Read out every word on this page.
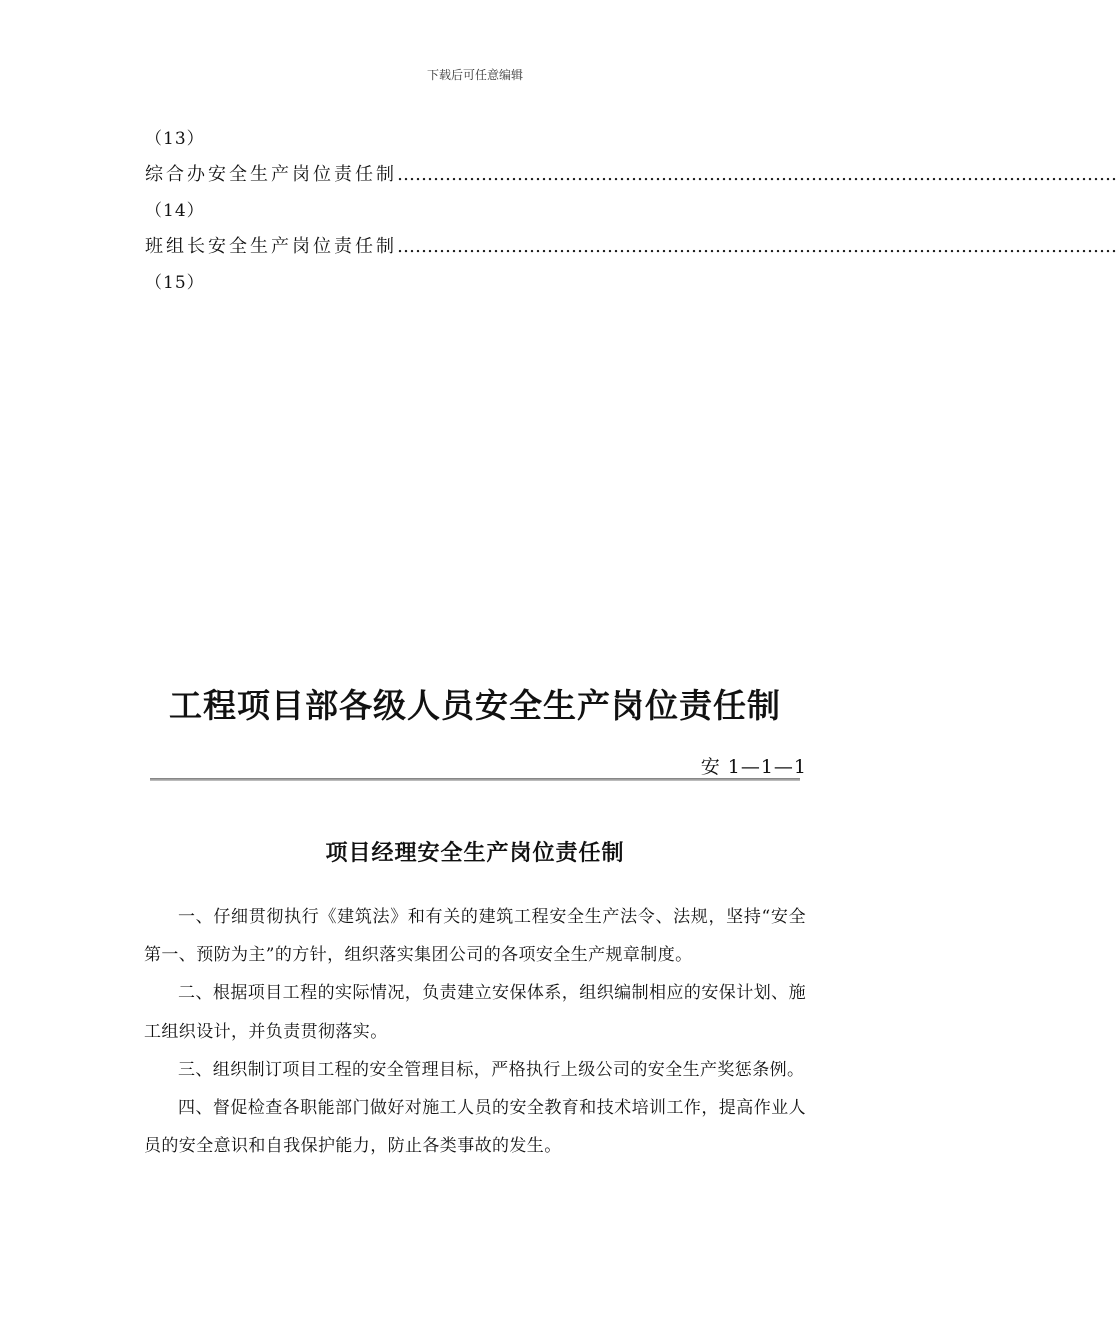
下载后可任意编辑
（13）
综合办安全生产岗位责任制 …………………………………………………………………………………………………………
（14）
班组长安全生产岗位责任制 …………………………………………………………………………………………………………
（15）
工程项目部各级人员安全生产岗位责任制
安 1—1—1
项目经理安全生产岗位责任制

一、仔细贯彻执行《建筑法》和有关的建筑工程安全生产法令、法规，坚持“安全第一、预防为主”的方针，组织落实集团公司的各项安全生产规章制度。

二、根据项目工程的实际情况，负责建立安保体系，组织编制相应的安保计划、施工组织设计，并负责贯彻落实。

三、组织制订项目工程的安全管理目标，严格执行上级公司的安全生产奖惩条例。

四、督促检查各职能部门做好对施工人员的安全教育和技术培训工作，提高作业人员的安全意识和自我保护能力，防止各类事故的发生。
